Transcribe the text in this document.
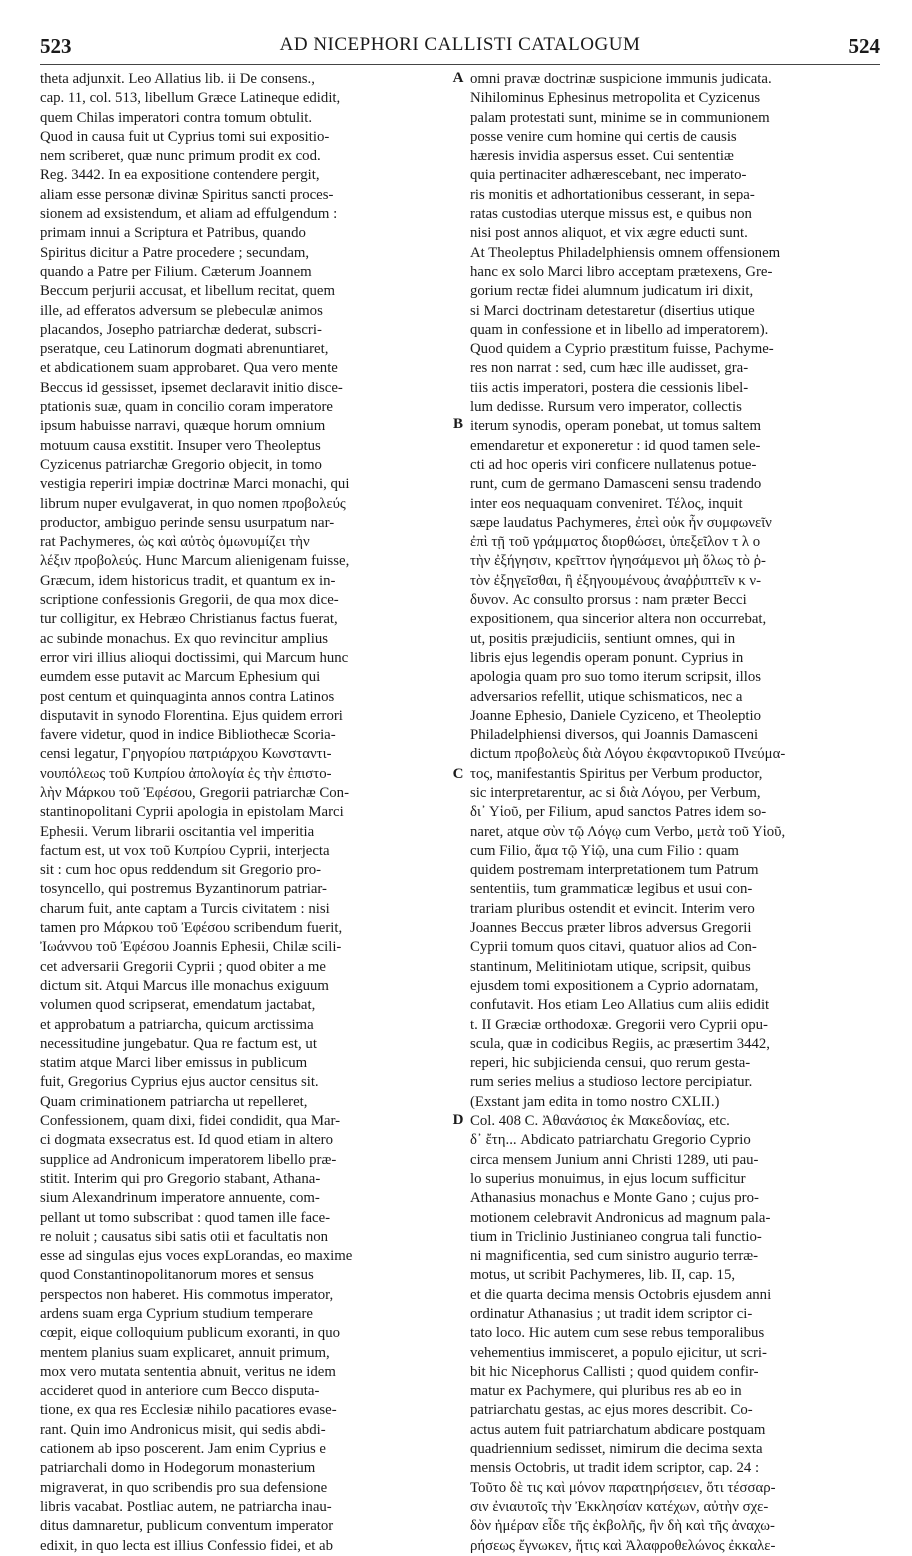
523	AD NICEPHORI CALLISTI CATALOGUM	524
theta adjunxit. Leo Allatius lib. ii De consens.,
cap. 11, col. 513, libellum Græce Latineque edidit,
quem Chilas imperatori contra tomum obtulit.
Quod in causa fuit ut Cyprius tomi sui expositio-
nem scriberet, quæ nunc primum prodit ex cod.
Reg. 3442. In ea expositione contendere pergit,
aliam esse personæ divinæ Spiritus sancti proces-
sionem ad exsistendum, et aliam ad effulgendum :
primam innui a Scriptura et Patribus, quando
Spiritus dicitur a Patre procedere ; secundam,
quando a Patre per Filium. Cæterum Joannem
Beccum perjurii accusat, et libellum recitat, quem
ille, ad efferatos adversum se plebeculæ animos
placandos, Josepho patriarchæ dederat, subscri-
pseratque, ceu Latinorum dogmati abrenuntiaret,
et abdicationem suam approbaret. Qua vero mente
Beccus id gessisset, ipsemet declaravit initio disce-
ptationis suæ, quam in concilio coram imperatore
ipsum habuisse narravi, quæque horum omnium
motuum causa exstitit. Insuper vero Theoleptus
Cyzicenus patriarchæ Gregorio objecit, in tomo
vestigia reperiri impiæ doctrinæ Marci monachi, qui
librum nuper evulgaverat, in quo nomen προβολεύς
productor, ambiguo perinde sensu usurpatum nar-
rat Pachymeres, ὡς καὶ αὐτὸς ὁμωνυμίζει τὴν
λέξιν προβολεύς. Hunc Marcum alienigenam fuisse,
Græcum, idem historicus tradit, et quantum ex in-
scriptione confessionis Gregorii, de qua mox dice-
tur colligitur, ex Hebræo Christianus factus fuerat,
ac subinde monachus. Ex quo revincitur amplius
error viri illius alioqui doctissimi, qui Marcum hunc
eumdem esse putavit ac Marcum Ephesium qui
post centum et quinquaginta annos contra Latinos
disputavit in synodo Florentina. Ejus quidem errori
favere videtur, quod in indice Bibliothecæ Scoria-
censi legatur, Γρηγορίου πατριάρχου Κωνσταντι-
νουπόλεως τοῦ Κυπρίου ἀπολογία ἐς τὴν ἐπιστο-
λὴν Μάρκου τοῦ Ἐφέσου, Gregorii patriarchæ Con-
stantinopolitani Cyprii apologia in epistolam Marci
Ephesii. Verum librarii oscitantia vel imperitia
factum est, ut vox τοῦ Κυπρίου Cyprii, interjecta
sit : cum hoc opus reddendum sit Gregorio pro-
tosyncello, qui postremus Byzantinorum patriar-
charum fuit, ante captam a Turcis civitatem : nisi
tamen pro Μάρκου τοῦ Ἐφέσου scribendum fuerit,
Ἰωάννου τοῦ Ἐφέσου Joannis Ephesii, Chilæ scili-
cet adversarii Gregorii Cyprii ; quod obiter a me
dictum sit. Atqui Marcus ille monachus exiguum
volumen quod scripserat, emendatum jactabat,
et approbatum a patriarcha, quicum arctissima
necessitudine jungebatur. Qua re factum est, ut
statim atque Marci liber emissus in publicum
fuit, Gregorius Cyprius ejus auctor censitus sit.
Quam criminationem patriarcha ut repelleret,
Confessionem, quam dixi, fidei condidit, qua Mar-
ci dogmata exsecratus est. Id quod etiam in altero
supplice ad Andronicum imperatorem libello præ-
stitit. Interim qui pro Gregorio stabant, Athana-
sium Alexandrinum imperatore annuente, com-
pellant ut tomo subscribat : quod tamen ille face-
re noluit ; causatus sibi satis otii et facultatis non
esse ad singulas ejus voces expLorandas, eo maxime
quod Constantinopolitanorum mores et sensus
perspectos non haberet. His commotus imperator,
ardens suam erga Cyprium studium temperare
cœpit, eique colloquium publicum exoranti, in quo
mentem planius suam explicaret, annuit primum,
mox vero mutata sententia abnuit, veritus ne idem
accideret quod in anteriore cum Becco disputa-
tione, ex qua res Ecclesiæ nihilo pacatiores evase-
rant. Quin imo Andronicus misit, qui sedis abdi-
cationem ab ipso poscerent. Jam enim Cyprius e
patriarchali domo in Hodegorum monasterium
migraverat, in quo scribendis pro sua defensione
libris vacabat. Postliac autem, ne patriarcha inau-
ditus damnaretur, publicum conventum imperator
edixit, in quo lecta est illius Confessio fidei, et ab
omni pravæ doctrinæ suspicione immunis judicata.
Nihilominus Ephesinus metropolita et Cyzicenus
palam protestati sunt, minime se in communionem
posse venire cum homine qui certis de causis
hæresis invidia aspersus esset. Cui sententiæ
quia pertinaciter adhærescebant, nec imperato-
ris monitis et adhortationibus cesserant, in sepa-
ratas custodias uterque missus est, e quibus non
nisi post annos aliquot, et vix ægre educti sunt.
At Theoleptus Philadelphiensis omnem offensionem
hanc ex solo Marci libro acceptam prætexens, Gre-
gorium rectæ fidei alumnum judicatum iri dixit,
si Marci doctrinam detestaretur (disertius utique
quam in confessione et in libello ad imperatorem).
Quod quidem a Cyprio præstitum fuisse, Pachyme-
res non narrat : sed, cum hæc ille audisset, gra-
tiis actis imperatori, postera die cessionis libel-
lum dedisse. Rursum vero imperator, collectis
iterum synodis, operam ponebat, ut tomus saltem
emendaretur et exponeretur : id quod tamen sele-
cti ad hoc operis viri conficere nullatenus potue-
runt, cum de germano Damasceni sensu tradendo
inter eos nequaquam conveniret. Τέλος, inquit
sæpe laudatus Pachymeres, ἐπεὶ οὐκ ἦν συμφωνεῖν
ἐπὶ τῇ τοῦ γράμματος διορθώσει, ὑπεξεῖλον τ λ ο
τὴν ἐξήγησιν, κρεῖττον ἡγησάμενοι μὴ ὅλως τὸ ῥ-
τὸν ἐξηγεῖσθαι, ἢ ἐξηγουμένους ἀναῤῥιπτεῖν κ ν-
δυνον. Ac consulto prorsus : nam præter Becci
expositionem, qua sincerior altera non occurrebat,
ut, positis præjudiciis, sentiunt omnes, qui in
libris ejus legendis operam ponunt. Cyprius in
apologia quam pro suo tomo iterum scripsit, illos
adversarios refellit, utique schismaticos, nec a
Joanne Ephesio, Daniele Cyziceno, et Theoleptio
Philadelphiensi diversos, qui Joannis Damasceni
dictum προβολεὺς διὰ Λόγου ἐκφαντορικοῦ Πνεύμα-
τος, manifestantis Spiritus per Verbum productor,
sic interpretarentur, ac si διὰ Λόγου, per Verbum,
δι᾽ Υἱοῦ, per Filium, apud sanctos Patres idem so-
naret, atque σὺν τῷ Λόγῳ cum Verbo, μετὰ τοῦ Υἱοῦ,
cum Filio, ἅμα τῷ Υἱῷ, una cum Filio : quam
quidem postremam interpretationem tum Patrum
sententiis, tum grammaticæ legibus et usui con-
trariam pluribus ostendit et evincit. Interim vero
Joannes Beccus præter libros adversus Gregorii
Cyprii tomum quos citavi, quatuor alios ad Con-
stantinum, Melitiniotam utique, scripsit, quibus
ejusdem tomi expositionem a Cyprio adornatam,
confutavit. Hos etiam Leo Allatius cum aliis edidit
t. II Græciæ orthodoxæ. Gregorii vero Cyprii opu-
scula, quæ in codicibus Regiis, ac præsertim 3442,
reperi, hic subjicienda censui, quo rerum gesta-
rum series melius a studioso lectore percipiatur.
(Exstant jam edita in tomo nostro CXLII.)
Col. 408 C. Ἀθανάσιος ἐκ Μακεδονίας, etc.
δ᾽ ἔτη... Abdicato patriarchatu Gregorio Cyprio
circa mensem Junium anni Christi 1289, uti pau-
lo superius monuimus, in ejus locum sufficitur
Athanasius monachus e Monte Gano ; cujus pro-
motionem celebravit Andronicus ad magnum pala-
tium in Triclinio Justinianeo congrua tali functio-
ni magnificentia, sed cum sinistro augurio terræ-
motus, ut scribit Pachymeres, lib. II, cap. 15,
et die quarta decima mensis Octobris ejusdem anni
ordinatur Athanasius ; ut tradit idem scriptor ci-
tato loco. Hic autem cum sese rebus temporalibus
vehementius immisceret, a populo ejicitur, ut scri-
bit hic Nicephorus Callisti ; quod quidem confir-
matur ex Pachymere, qui pluribus res ab eo in
patriarchatu gestas, ac ejus mores describit. Co-
actus autem fuit patriarchatum abdicare postquam
quadriennium sedisset, nimirum die decima sexta
mensis Octobris, ut tradit idem scriptor, cap. 24 :
Τοῦτο δὲ τις καὶ μόνον παρατηρήσειεν, ὅτι τέσσαρ-
σιν ἐνιαυτοῖς τὴν Ἐκκλησίαν κατέχων, αὐτὴν σχε-
δὸν ἡμέραν εἶδε τῆς ἐκβολῆς, ἣν δὴ καὶ τῆς ἀναχω-
ρήσεως ἔγνωκεν, ἥτις καὶ Ἀλαφροθελώνος ἐκκαλε-
A
B
C
D
